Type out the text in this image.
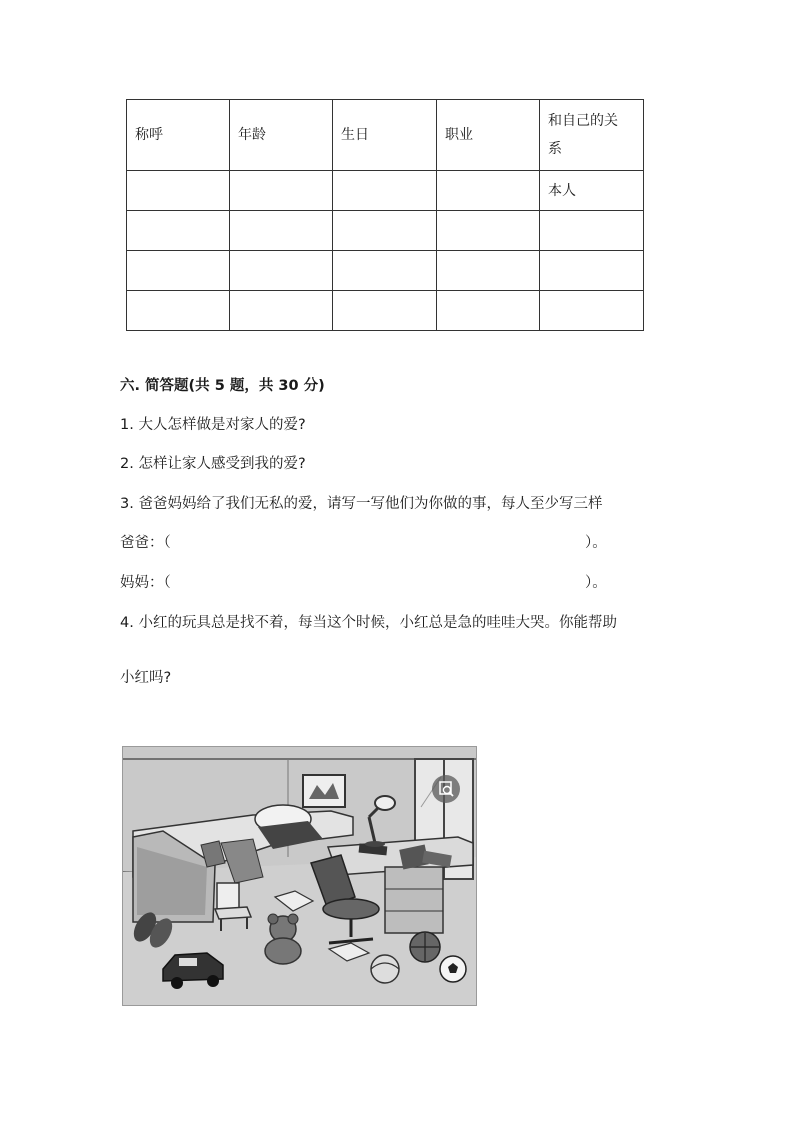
称呼	年龄	生日	职业	和自己的关系
				本人

六. 简答题(共 5 题，共 30 分)
1. 大人怎样做是对家人的爱?
2. 怎样让家人感受到我的爱?
3. 爸爸妈妈给了我们无私的爱，请写一写他们为你做的事，每人至少写三样
爸爸：（	）。
妈妈：（	）。
4. 小红的玩具总是找不着，每当这个时候，小红总是急的哇哇大哭。你能帮助
小红吗?
